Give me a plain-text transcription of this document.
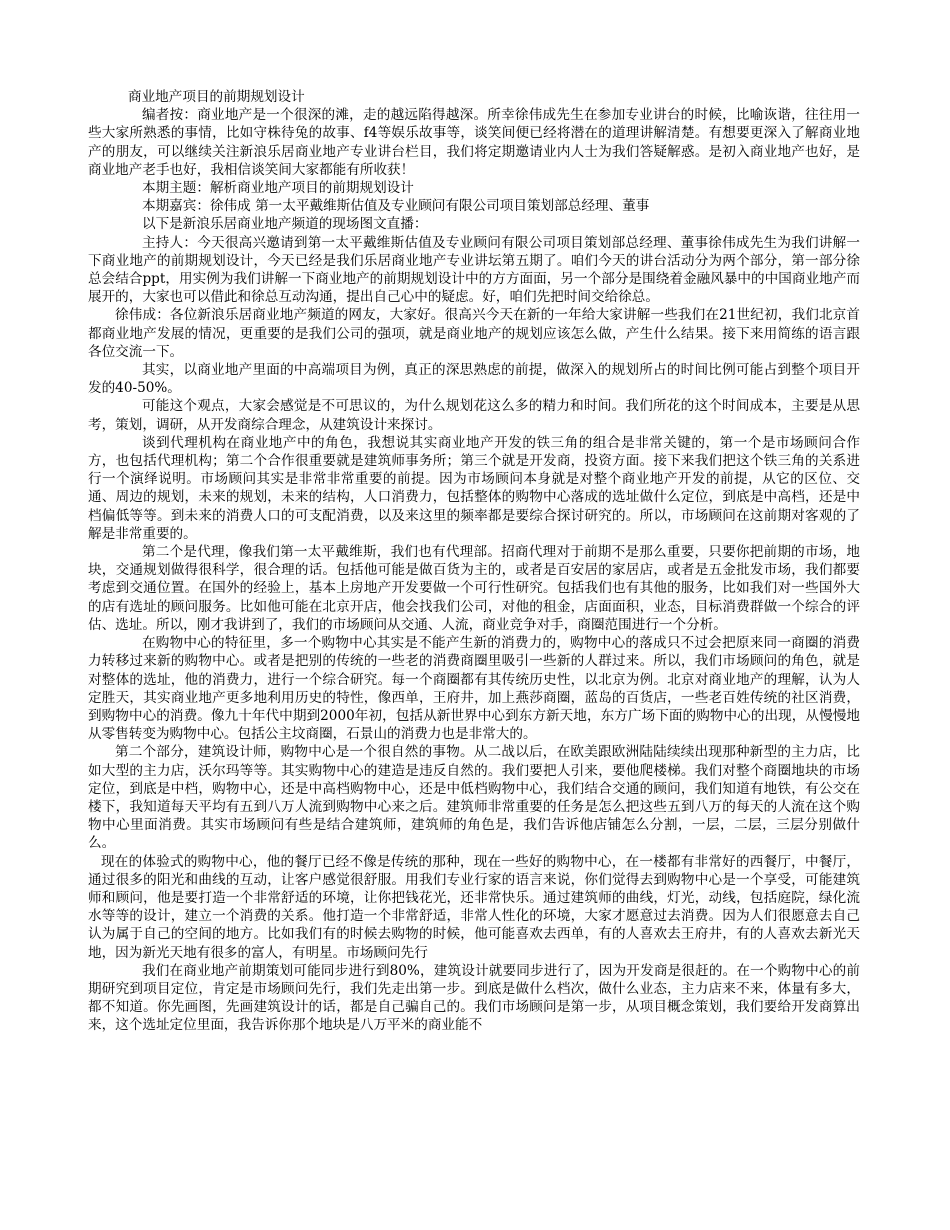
商业地产项目的前期规划设计

编者按：商业地产是一个很深的滩，走的越远陷得越深。所幸徐伟成先生在参加专业讲台的时候，比喻诙谐，往往用一些大家所熟悉的事情，比如守株待兔的故事、f4等娱乐故事等，谈笑间便已经将潜在的道理讲解清楚。有想要更深入了解商业地产的朋友，可以继续关注新浪乐居商业地产专业讲台栏目，我们将定期邀请业内人士为我们答疑解惑。是初入商业地产也好，是商业地产老手也好，我相信谈笑间大家都能有所收获！

本期主题：解析商业地产项目的前期规划设计

本期嘉宾：徐伟成 第一太平戴维斯估值及专业顾问有限公司项目策划部总经理、董事

以下是新浪乐居商业地产频道的现场图文直播：

主持人：今天很高兴邀请到第一太平戴维斯估值及专业顾问有限公司项目策划部总经理、董事徐伟成先生为我们讲解一下商业地产的前期规划设计，今天已经是我们乐居商业地产专业讲坛第五期了。咱们今天的讲台活动分为两个部分，第一部分徐总会结合ppt，用实例为我们讲解一下商业地产的前期规划设计中的方方面面，另一个部分是围绕着金融风暴中的中国商业地产而展开的，大家也可以借此和徐总互动沟通，提出自己心中的疑虑。好，咱们先把时间交给徐总。

徐伟成：各位新浪乐居商业地产频道的网友，大家好。很高兴今天在新的一年给大家讲解一些我们在21世纪初，我们北京首都商业地产发展的情况，更重要的是我们公司的强项，就是商业地产的规划应该怎么做，产生什么结果。接下来用简练的语言跟各位交流一下。

其实，以商业地产里面的中高端项目为例，真正的深思熟虑的前提，做深入的规划所占的时间比例可能占到整个项目开发的40-50%。

可能这个观点，大家会感觉是不可思议的，为什么规划花这么多的精力和时间。我们所花的这个时间成本，主要是从思考，策划，调研，从开发商综合理念，从建筑设计来探讨。

谈到代理机构在商业地产中的角色，我想说其实商业地产开发的铁三角的组合是非常关键的，第一个是市场顾问合作方，也包括代理机构；第二个合作很重要就是建筑师事务所；第三个就是开发商，投资方面。接下来我们把这个铁三角的关系进行一个演绎说明。市场顾问其实是非常非常重要的前提。因为市场顾问本身就是对整个商业地产开发的前提，从它的区位、交通、周边的规划，未来的规划，未来的结构，人口消费力，包括整体的购物中心落成的选址做什么定位，到底是中高档，还是中档偏低等等。到未来的消费人口的可支配消费，以及来这里的频率都是要综合探讨研究的。所以，市场顾问在这前期对客观的了解是非常重要的。

第二个是代理，像我们第一太平戴维斯，我们也有代理部。招商代理对于前期不是那么重要，只要你把前期的市场，地块，交通规划做得很科学，很合理的话。包括他可能是做百货为主的，或者是百安居的家居店，或者是五金批发市场，我们都要考虑到交通位置。在国外的经验上，基本上房地产开发要做一个可行性研究。包括我们也有其他的服务，比如我们对一些国外大的店有选址的顾问服务。比如他可能在北京开店，他会找我们公司，对他的租金，店面面积，业态，目标消费群做一个综合的评估、选址。所以，刚才我讲到了，我们的市场顾问从交通、人流，商业竞争对手，商圈范围进行一个分析。

在购物中心的特征里，多一个购物中心其实是不能产生新的消费力的，购物中心的落成只不过会把原来同一商圈的消费力转移过来新的购物中心。或者是把别的传统的一些老的消费商圈里吸引一些新的人群过来。所以，我们市场顾问的角色，就是对整体的选址，他的消费力，进行一个综合研究。每一个商圈都有其传统历史性，以北京为例。北京对商业地产的理解，认为人定胜天，其实商业地产更多地利用历史的特性，像西单，王府井，加上燕莎商圈，蓝岛的百货店，一些老百姓传统的社区消费，到购物中心的消费。像九十年代中期到2000年初，包括从新世界中心到东方新天地，东方广场下面的购物中心的出现，从慢慢地从零售转变为购物中心。包括公主坟商圈，石景山的消费力也是非常大的。

第二个部分，建筑设计师，购物中心是一个很自然的事物。从二战以后，在欧美跟欧洲陆陆续续出现那种新型的主力店，比如大型的主力店，沃尔玛等等。其实购物中心的建造是违反自然的。我们要把人引来，要他爬楼梯。我们对整个商圈地块的市场定位，到底是中档，购物中心，还是中高档购物中心，还是中低档购物中心，我们结合交通的顾问，我们知道有地铁，有公交在楼下，我知道每天平均有五到八万人流到购物中心来之后。建筑师非常重要的任务是怎么把这些五到八万的每天的人流在这个购物中心里面消费。其实市场顾问有些是结合建筑师，建筑师的角色是，我们告诉他店铺怎么分割，一层，二层，三层分别做什么。

现在的体验式的购物中心，他的餐厅已经不像是传统的那种，现在一些好的购物中心，在一楼都有非常好的西餐厅，中餐厅，通过很多的阳光和曲线的互动，让客户感觉很舒服。用我们专业行家的语言来说，你们觉得去到购物中心是一个享受，可能建筑师和顾问，他是要打造一个非常舒适的环境，让你把钱花光，还非常快乐。通过建筑师的曲线，灯光，动线，包括庭院，绿化流水等等的设计，建立一个消费的关系。他打造一个非常舒适，非常人性化的环境，大家才愿意过去消费。因为人们很愿意去自己认为属于自己的空间的地方。比如我们有的时候去购物的时候，他可能喜欢去西单，有的人喜欢去王府井，有的人喜欢去新光天地，因为新光天地有很多的富人，有明星。市场顾问先行

我们在商业地产前期策划可能同步进行到80%，建筑设计就要同步进行了，因为开发商是很赶的。在一个购物中心的前期研究到项目定位，肯定是市场顾问先行，我们先走出第一步。到底是做什么档次，做什么业态，主力店来不来，体量有多大，都不知道。你先画图，先画建筑设计的话，都是自己骗自己的。我们市场顾问是第一步，从项目概念策划，我们要给开发商算出来，这个选址定位里面，我告诉你那个地块是八万平米的商业能不
